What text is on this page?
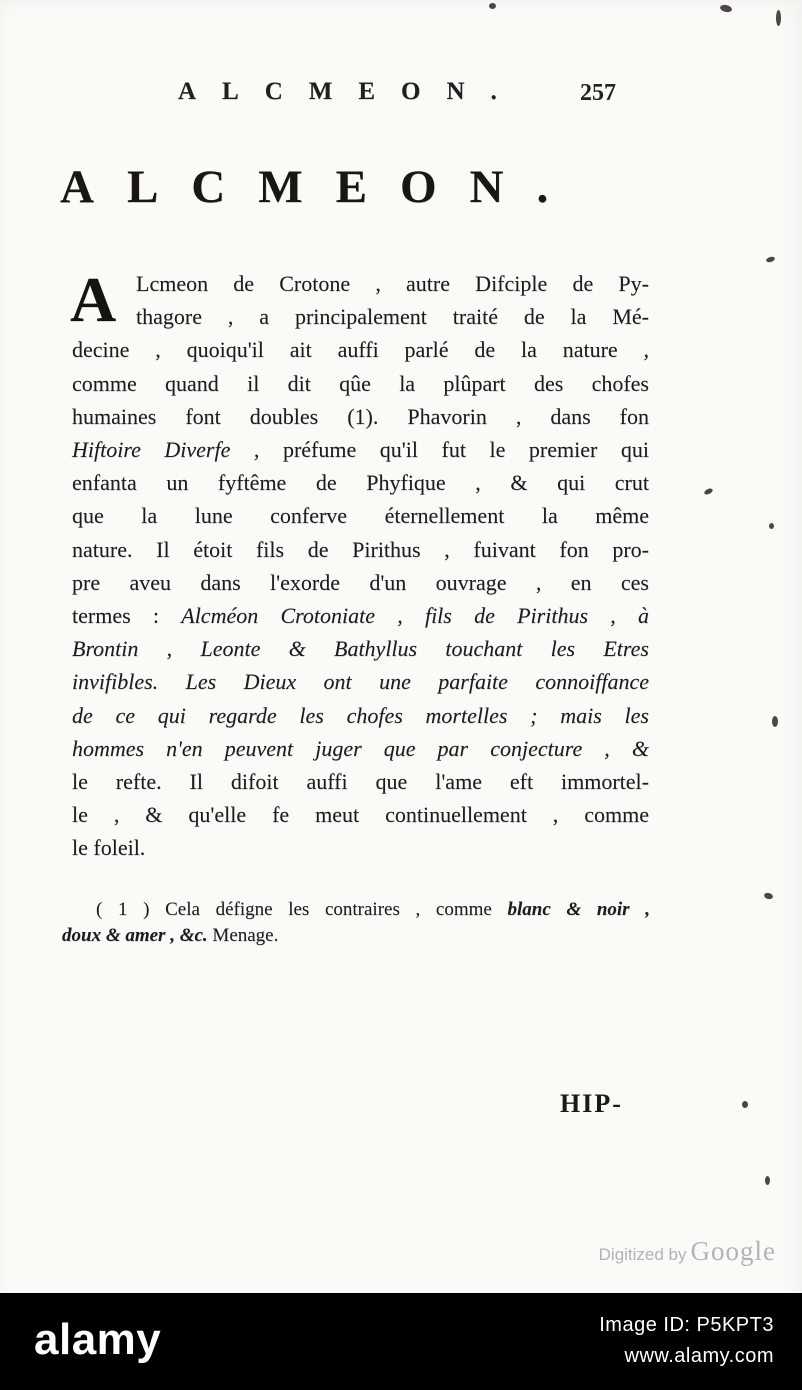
ALCMEON. 257
ALCMEON.
A Lcmeon de Crotone , autre Difciple de Py-
thagore , a principalement traité de la Mé-
decine , quoiqu'il ait auffi parlé de la nature ,
comme quand il dit qûe la plûpart des chofes
humaines font doubles (1). Phavorin , dans fon
Hiftoire Diverfe , préfume qu'il fut le premier qui
enfanta un fyftême de Phyfique , & qui crut
que la lune conferve éternellement la même
nature. Il étoit fils de Pirithus , fuivant fon pro-
pre aveu dans l'exorde d'un ouvrage , en ces
termes : Alcméon Crotoniate , fils de Pirithus , à
Brontin , Leonte & Bathyllus touchant les Etres
invifibles. Les Dieux ont une parfaite connoiffance
de ce qui regarde les chofes mortelles ; mais les
hommes n'en peuvent juger que par conjecture , &
le refte. Il difoit auffi que l'ame eft immortel-
le , & qu'elle fe meut continuellement , comme
le foleil.
( 1 ) Cela défigne les contraires , comme blanc & noir ,
doux & amer , &c. Menage.
HIP-
Digitized by Google
alamy	Image ID: P5KPT3
www.alamy.com
